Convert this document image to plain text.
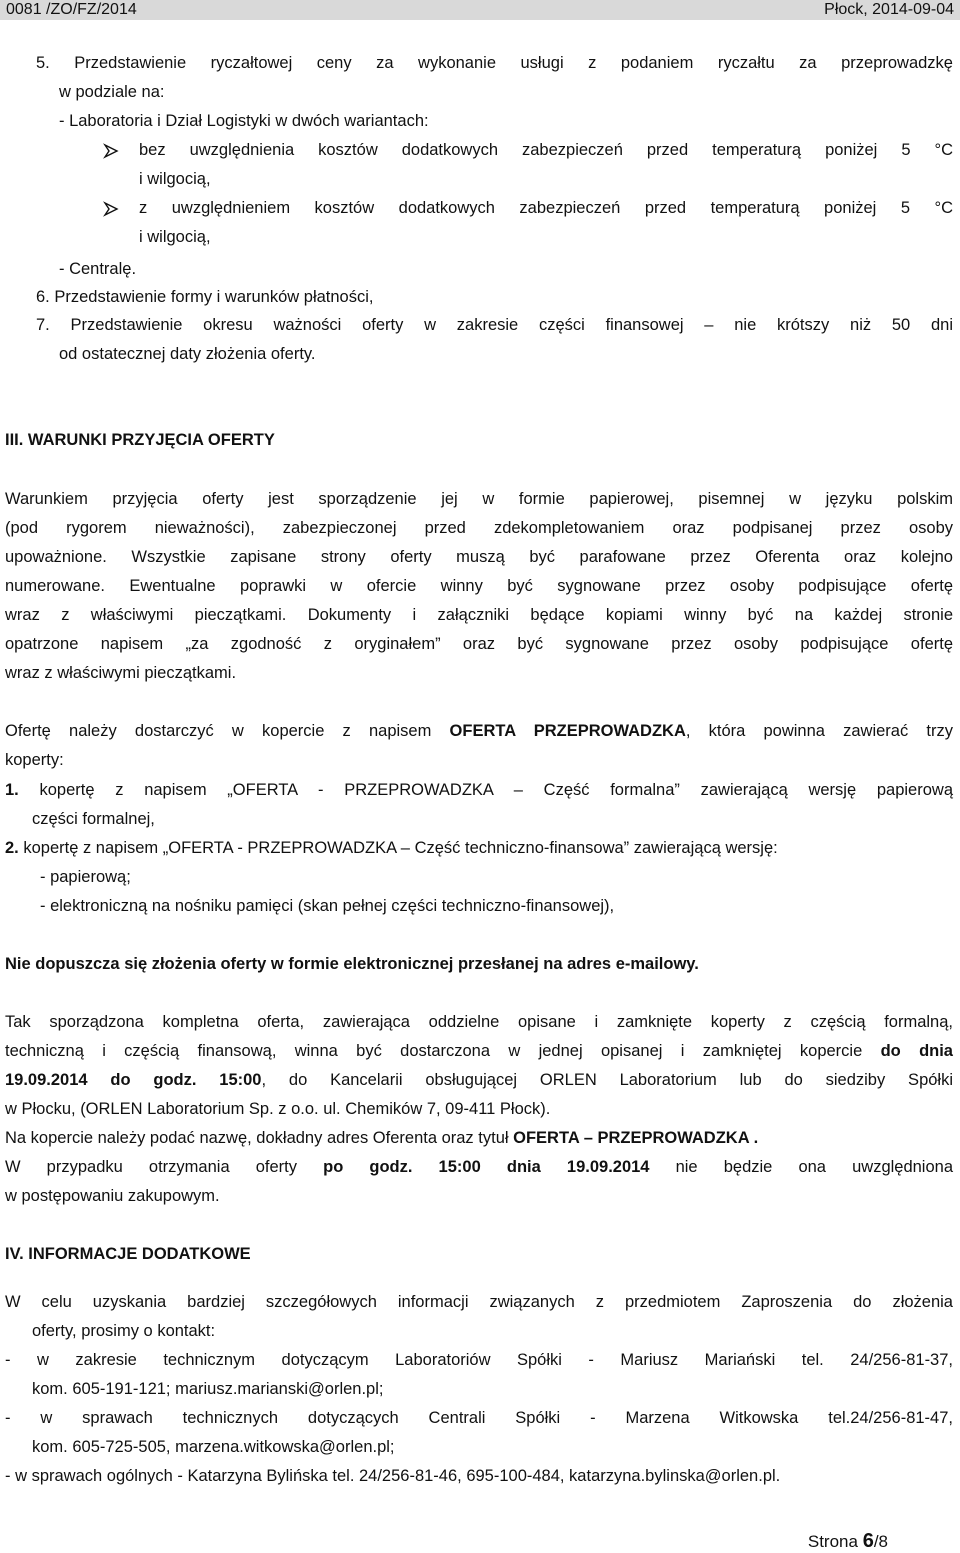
0081 /ZO/FZ/2014	Płock, 2014-09-04
5. Przedstawienie ryczałtowej ceny za wykonanie usługi z podaniem ryczałtu za przeprowadzkę
w podziale na:
- Laboratoria i Dział Logistyki w dwóch wariantach:
bez uwzględnienia kosztów dodatkowych zabezpieczeń przed temperaturą poniżej 5 °C
i wilgocią,
z uwzględnieniem kosztów dodatkowych zabezpieczeń przed temperaturą poniżej 5 °C
i wilgocią,
- Centralę.
6. Przedstawienie formy i warunków płatności,
7. Przedstawienie okresu ważności oferty w zakresie części finansowej – nie krótszy niż 50 dni
od ostatecznej daty złożenia oferty.
III. WARUNKI PRZYJĘCIA OFERTY
Warunkiem przyjęcia oferty jest sporządzenie jej w formie papierowej, pisemnej w języku polskim
(pod rygorem nieważności), zabezpieczonej przed zdekompletowaniem oraz podpisanej przez osoby
upoważnione. Wszystkie zapisane strony oferty muszą być parafowane przez Oferenta oraz kolejno
numerowane. Ewentualne poprawki w ofercie winny być sygnowane przez osoby podpisujące ofertę
wraz z właściwymi pieczątkami. Dokumenty i załączniki będące kopiami winny być na każdej stronie
opatrzone napisem „za zgodność z oryginałem” oraz być sygnowane przez osoby podpisujące ofertę
wraz z właściwymi pieczątkami.
Ofertę należy dostarczyć w kopercie z napisem OFERTA PRZEPROWADZKA, która powinna zawierać trzy
koperty:
1. kopertę z napisem „OFERTA - PRZEPROWADZKA – Część formalna” zawierającą wersję papierową
części formalnej,
2. kopertę z napisem „OFERTA - PRZEPROWADZKA – Część techniczno-finansowa” zawierającą wersję:
- papierową;
- elektroniczną na nośniku pamięci (skan pełnej części techniczno-finansowej),
Nie dopuszcza się złożenia oferty w formie elektronicznej przesłanej na adres e-mailowy.
Tak sporządzona kompletna oferta, zawierająca oddzielne opisane i zamknięte koperty z częścią formalną,
techniczną i częścią finansową, winna być dostarczona w jednej opisanej i zamkniętej kopercie do dnia
19.09.2014 do godz. 15:00, do Kancelarii obsługującej ORLEN Laboratorium lub do siedziby Spółki
w Płocku, (ORLEN Laboratorium Sp. z o.o. ul. Chemików 7, 09-411 Płock).
Na kopercie należy podać nazwę, dokładny adres Oferenta oraz tytuł OFERTA – PRZEPROWADZKA .
W przypadku otrzymania oferty po godz. 15:00 dnia 19.09.2014 nie będzie ona uwzględniona
w postępowaniu zakupowym.
IV. INFORMACJE DODATKOWE
W celu uzyskania bardziej szczegółowych informacji związanych z przedmiotem Zaproszenia do złożenia
oferty, prosimy o kontakt:
- w zakresie technicznym dotyczącym Laboratoriów Spółki - Mariusz Mariański tel. 24/256-81-37,
kom. 605-191-121; mariusz.marianski@orlen.pl;
- w sprawach technicznych dotyczących Centrali Spółki - Marzena Witkowska tel.24/256-81-47,
kom. 605-725-505, marzena.witkowska@orlen.pl;
- w sprawach ogólnych - Katarzyna Bylińska tel. 24/256-81-46, 695-100-484, katarzyna.bylinska@orlen.pl.
Strona 6/8
